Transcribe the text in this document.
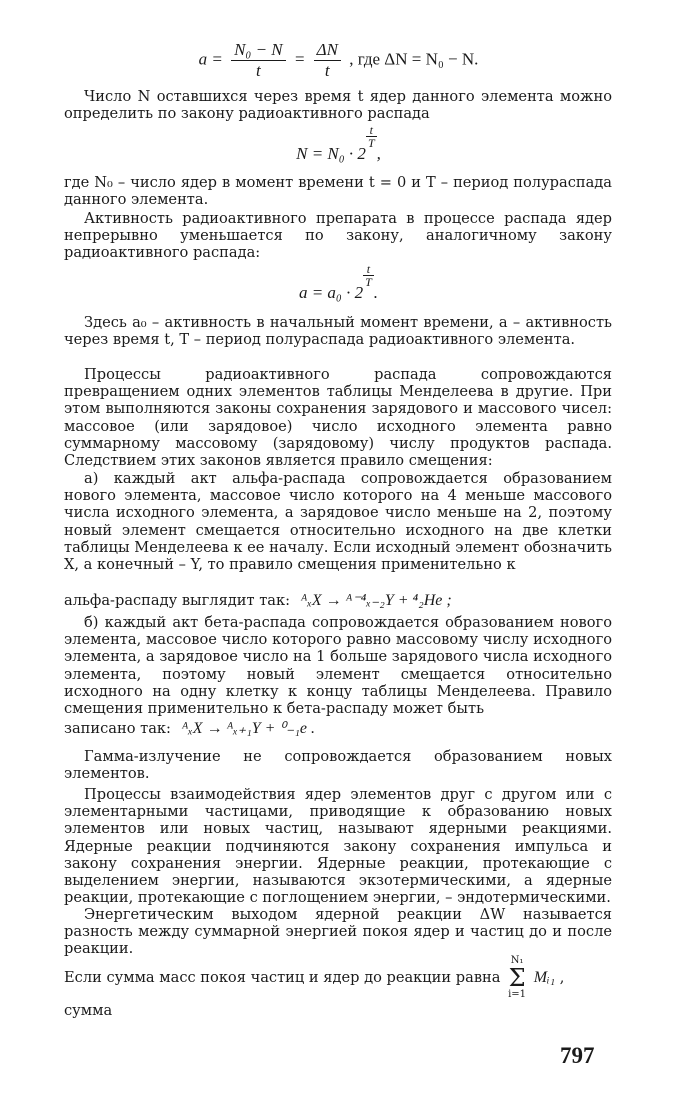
$a = \frac{\text{N₀ − N}}{t} = \frac{\Delta N}{t}$ , где ΔN = N₀ − N.

Число N оставшихся через время t ядер данного элемента можно определить по закону радиоактивного распада

N = N₀ · 2
$\frac{t}{T}$
,

где N₀ – число ядер в момент времени t = 0 и T – период полураспада данного элемента.

Активность радиоактивного препарата в процессе распада ядер непрерывно уменьшается по закону, аналогичному закону радиоактивного распада:

a = a₀ · 2
$\frac{t}{T}$
.

Здесь a₀ – активность в начальный момент времени, a – активность через время t, T – период полураспада радиоактивного элемента.

Процессы радиоактивного распада сопровождаются превращением одних элементов таблицы Менделеева в другие. При этом выполняются законы сохранения зарядового и массового чисел: массовое (или зарядовое) число исходного элемента равно суммарному массовому (зарядовому) числу продуктов распада. Следствием этих законов является правило смещения:

а) каждый акт альфа-распада сопровождается образованием нового элемента, массовое число которого на 4 меньше массового числа исходного элемента, а зарядовое число меньше на 2, поэтому новый элемент смещается относительно исходного на две клетки таблицы Менделеева к ее началу. Если исходный элемент обозначить X, а конечный – Y, то правило смещения применительно к

альфа-распаду выглядит так: ᴬₓX → ᴬ⁻⁴ₓ₋₂Y + ⁴₂He ;

б) каждый акт бета-распада сопровождается образованием нового элемента, массовое число которого равно массовому числу исходного элемента, а зарядовое число на 1 больше зарядового числа исходного элемента, поэтому новый элемент смещается относительно исходного на одну клетку к концу таблицы Менделеева. Правило смещения применительно к бета-распаду может быть

записано так: ᴬₓX → ᴬₓ₊₁Y + ⁰₋₁e .

Гамма-излучение не сопровождается образованием новых элементов.

Процессы взаимодействия ядер элементов друг с другом или с элементарными частицами, приводящие к образованию новых элементов или новых частиц, называют ядерными реакциями. Ядерные реакции подчиняются закону сохранения импульса и закону сохранения энергии. Ядерные реакции, протекающие с выделением энергии, называются экзотермическими, а ядерные реакции, протекающие с поглощением энергии, – эндотермическими.

Энергетическим выходом ядерной реакции ΔW называется разность между суммарной энергией покоя ядер и частиц до и после реакции.

Если сумма масс покоя частиц и ядер до реакции равна
N₁
Σ
i=1
Mᵢ₁ , сумма
797
